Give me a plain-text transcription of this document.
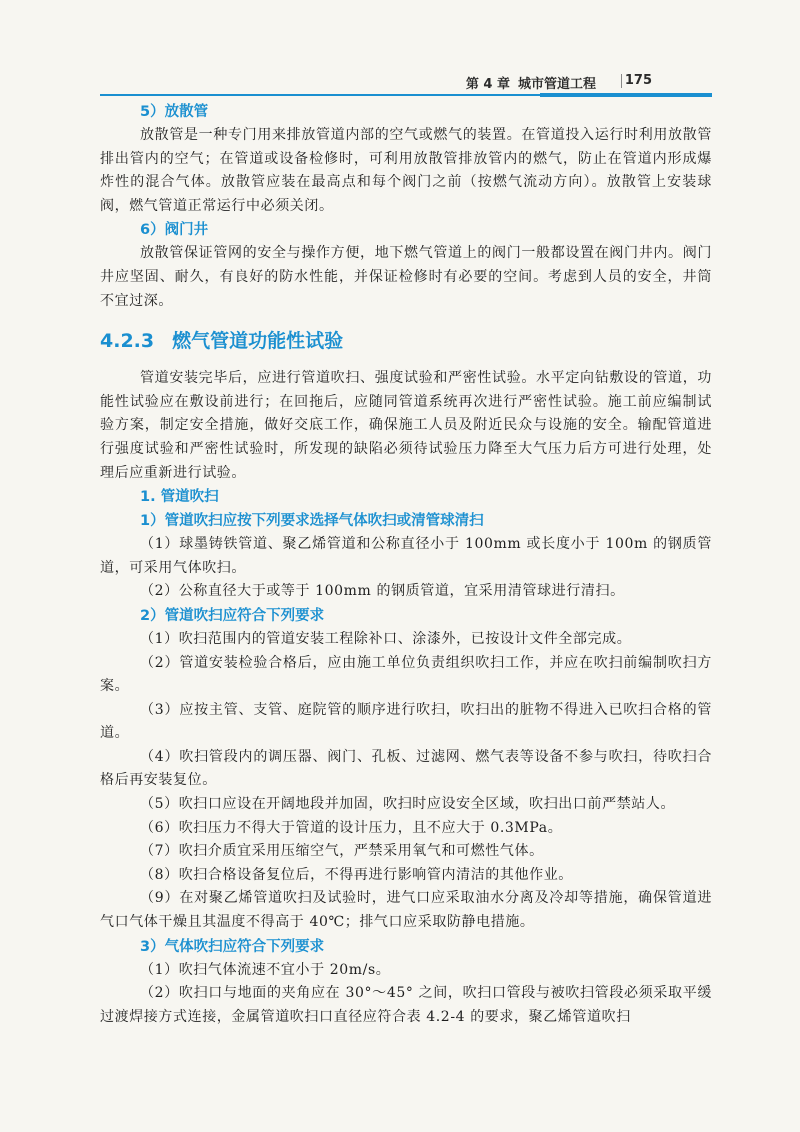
第 4 章 城市管道工程 175
5）放散管

放散管是一种专门用来排放管道内部的空气或燃气的装置。在管道投入运行时利用放散管排出管内的空气；在管道或设备检修时，可利用放散管排放管内的燃气，防止在管道内形成爆炸性的混合气体。放散管应装在最高点和每个阀门之前（按燃气流动方向）。放散管上安装球阀，燃气管道正常运行中必须关闭。

6）阀门井

放散管保证管网的安全与操作方便，地下燃气管道上的阀门一般都设置在阀门井内。阀门井应坚固、耐久，有良好的防水性能，并保证检修时有必要的空间。考虑到人员的安全，井筒不宜过深。

4.2.3 燃气管道功能性试验

管道安装完毕后，应进行管道吹扫、强度试验和严密性试验。水平定向钻敷设的管道，功能性试验应在敷设前进行；在回拖后，应随同管道系统再次进行严密性试验。施工前应编制试验方案，制定安全措施，做好交底工作，确保施工人员及附近民众与设施的安全。输配管道进行强度试验和严密性试验时，所发现的缺陷必须待试验压力降至大气压力后方可进行处理，处理后应重新进行试验。

1. 管道吹扫
1）管道吹扫应按下列要求选择气体吹扫或清管球清扫

（1）球墨铸铁管道、聚乙烯管道和公称直径小于 100mm 或长度小于 100m 的钢质管道，可采用气体吹扫。

（2）公称直径大于或等于 100mm 的钢质管道，宜采用清管球进行清扫。

2）管道吹扫应符合下列要求

（1）吹扫范围内的管道安装工程除补口、涂漆外，已按设计文件全部完成。

（2）管道安装检验合格后，应由施工单位负责组织吹扫工作，并应在吹扫前编制吹扫方案。

（3）应按主管、支管、庭院管的顺序进行吹扫，吹扫出的脏物不得进入已吹扫合格的管道。

（4）吹扫管段内的调压器、阀门、孔板、过滤网、燃气表等设备不参与吹扫，待吹扫合格后再安装复位。

（5）吹扫口应设在开阔地段并加固，吹扫时应设安全区域，吹扫出口前严禁站人。

（6）吹扫压力不得大于管道的设计压力，且不应大于 0.3MPa。

（7）吹扫介质宜采用压缩空气，严禁采用氧气和可燃性气体。

（8）吹扫合格设备复位后，不得再进行影响管内清洁的其他作业。

（9）在对聚乙烯管道吹扫及试验时，进气口应采取油水分离及冷却等措施，确保管道进气口气体干燥且其温度不得高于 40℃；排气口应采取防静电措施。

3）气体吹扫应符合下列要求

（1）吹扫气体流速不宜小于 20m/s。

（2）吹扫口与地面的夹角应在 30°～45° 之间，吹扫口管段与被吹扫管段必须采取平缓过渡焊接方式连接，金属管道吹扫口直径应符合表 4.2-4 的要求，聚乙烯管道吹扫
